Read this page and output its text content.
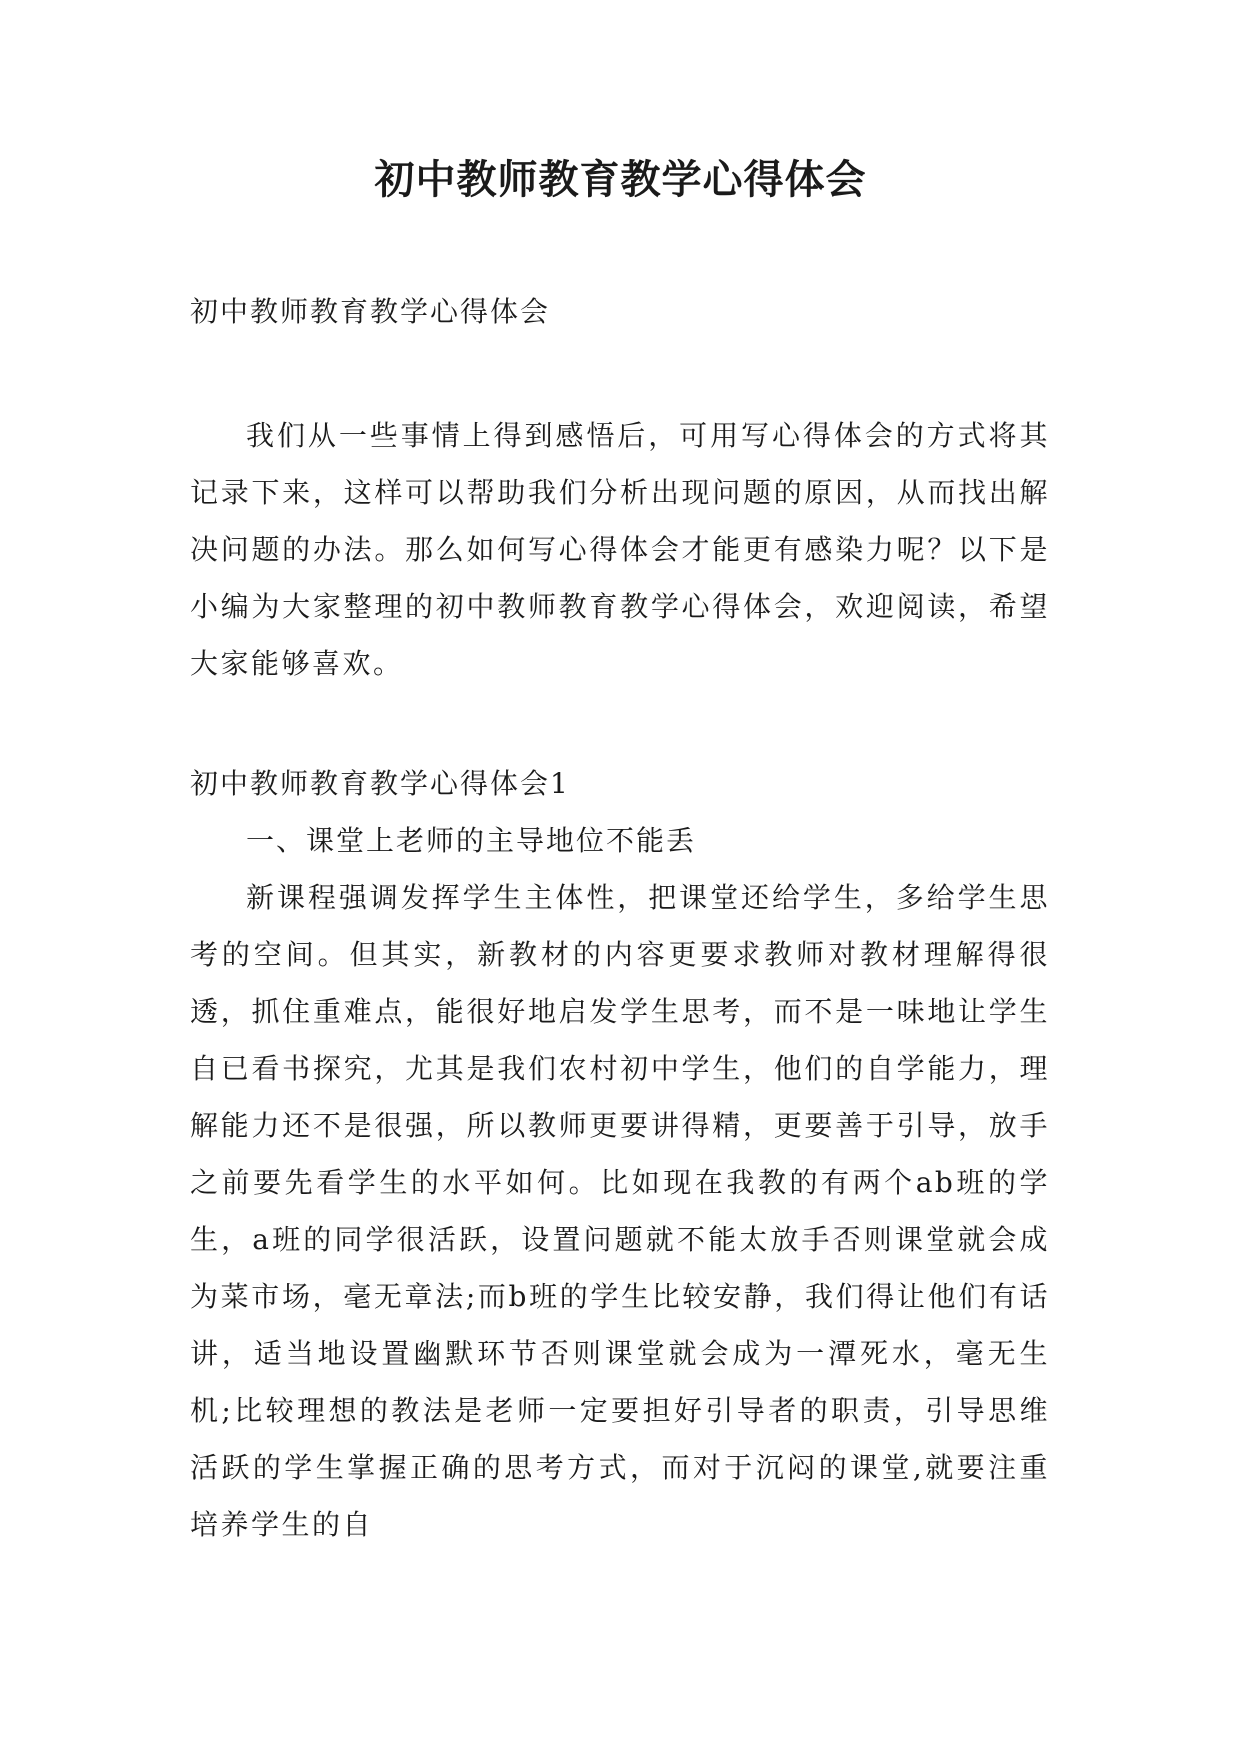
初中教师教育教学心得体会

初中教师教育教学心得体会

我们从一些事情上得到感悟后，可用写心得体会的方式将其记录下来，这样可以帮助我们分析出现问题的原因，从而找出解决问题的办法。那么如何写心得体会才能更有感染力呢？以下是小编为大家整理的初中教师教育教学心得体会，欢迎阅读，希望大家能够喜欢。

初中教师教育教学心得体会1

一、课堂上老师的主导地位不能丢

新课程强调发挥学生主体性，把课堂还给学生，多给学生思考的空间。但其实，新教材的内容更要求教师对教材理解得很透，抓住重难点，能很好地启发学生思考，而不是一味地让学生自已看书探究，尤其是我们农村初中学生，他们的自学能力，理解能力还不是很强，所以教师更要讲得精，更要善于引导，放手之前要先看学生的水平如何。比如现在我教的有两个ab班的学生，a班的同学很活跃，设置问题就不能太放手否则课堂就会成为菜市场，毫无章法;而b班的学生比较安静，我们得让他们有话讲，适当地设置幽默环节否则课堂就会成为一潭死水，毫无生机;比较理想的教法是老师一定要担好引导者的职责，引导思维活跃的学生掌握正确的思考方式，而对于沉闷的课堂,就要注重培养学生的自
